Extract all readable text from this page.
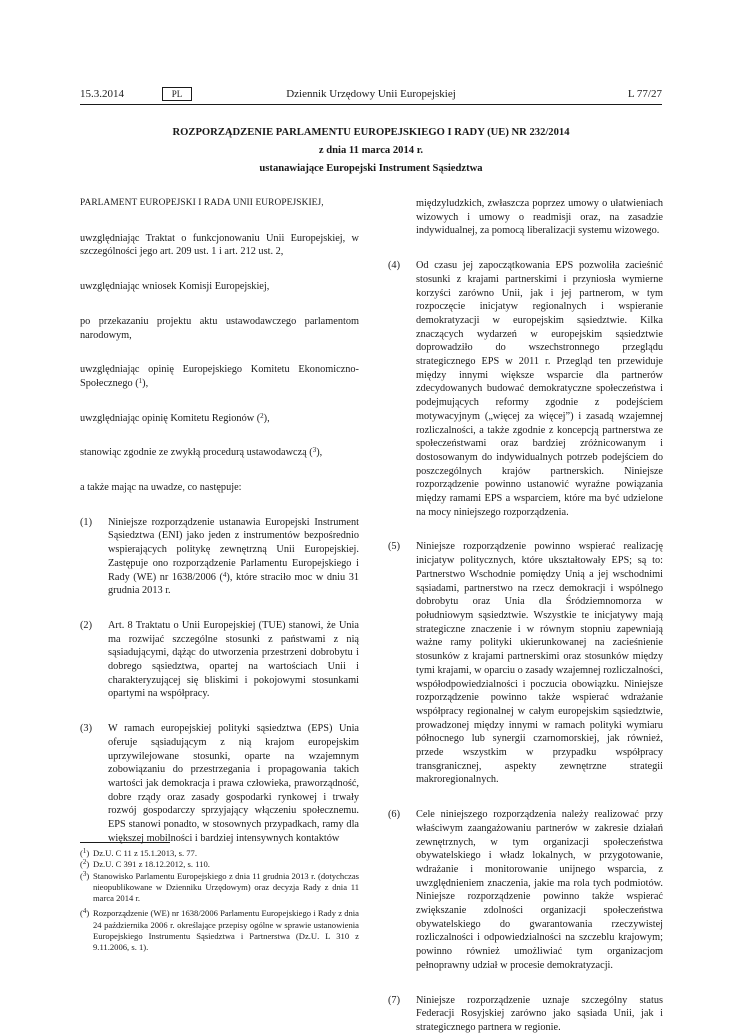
15.3.2014	Dziennik Urzędowy Unii Europejskiej
PL	L 77/27
ROZPORZĄDZENIE PARLAMENTU EUROPEJSKIEGO I RADY (UE) NR 232/2014
z dnia 11 marca 2014 r.
ustanawiające Europejski Instrument Sąsiedztwa

PARLAMENT EUROPEJSKI I RADA UNII EUROPEJSKIEJ,

uwzględniając Traktat o funkcjonowaniu Unii Europejskiej, w szczególności jego art. 209 ust. 1 i art. 212 ust. 2,

uwzględniając wniosek Komisji Europejskiej,

po przekazaniu projektu aktu ustawodawczego parlamentom narodowym,

uwzględniając opinię Europejskiego Komitetu Ekonomiczno-Społecznego ($^1$),

uwzględniając opinię Komitetu Regionów ($^2$),

stanowiąc zgodnie ze zwykłą procedurą ustawodawczą ($^3$),

a także mając na uwadze, co następuje:

(1) Niniejsze rozporządzenie ustanawia Europejski Instrument Sąsiedztwa (ENI) jako jeden z instrumentów bezpośrednio wspierających politykę zewnętrzną Unii Europejskiej. Zastępuje ono rozporządzenie Parlamentu Europejskiego i Rady (WE) nr 1638/2006 ($^4$), które straciło moc w dniu 31 grudnia 2013 r.
(2) Art. 8 Traktatu o Unii Europejskiej (TUE) stanowi, że Unia ma rozwijać szczególne stosunki z państwami z nią sąsiadującymi, dążąc do utworzenia przestrzeni dobrobytu i dobrego sąsiedztwa, opartej na wartościach Unii i charakteryzującej się bliskimi i pokojowymi stosunkami opartymi na współpracy.
(3) W ramach europejskiej polityki sąsiedztwa (EPS) Unia oferuje sąsiadującym z nią krajom europejskim uprzywilejowane stosunki, oparte na wzajemnym zobowiązaniu do przestrzegania i propagowania takich wartości jak demokracja i prawa człowieka, praworządność, dobre rządy oraz zasady gospodarki rynkowej i trwały rozwój gospodarczy sprzyjający włączeniu społecznemu. EPS stanowi ponadto, w stosownych przypadkach, ramy dla większej mobilności i bardziej intensywnych kontaktów
międzyludzkich, zwłaszcza poprzez umowy o ułatwieniach wizowych i umowy o readmisji oraz, na zasadzie indywidualnej, za pomocą liberalizacji systemu wizowego.
(4) Od czasu jej zapoczątkowania EPS pozwoliła zacieśnić stosunki z krajami partnerskimi i przyniosła wymierne korzyści zarówno Unii, jak i jej partnerom, w tym rozpoczęcie inicjatyw regionalnych i wspieranie demokratyzacji w europejskim sąsiedztwie. Kilka znaczących wydarzeń w europejskim sąsiedztwie doprowadziło do wszechstronnego przeglądu strategicznego EPS w 2011 r. Przegląd ten przewiduje między innymi większe wsparcie dla partnerów zdecydowanych budować demokratyczne społeczeństwa i podejmujących reformy zgodnie z podejściem motywacyjnym („więcej za więcej”) i zasadą wzajemnej rozliczalności, a także zgodnie z koncepcją partnerstwa ze społeczeństwami oraz bardziej zróżnicowanym i dostosowanym do indywidualnych potrzeb podejściem do poszczególnych krajów partnerskich. Niniejsze rozporządzenie powinno ustanowić wyraźne powiązania między ramami EPS a wsparciem, które ma być udzielone na mocy niniejszego rozporządzenia.
(5) Niniejsze rozporządzenie powinno wspierać realizację inicjatyw politycznych, które ukształtowały EPS; są to: Partnerstwo Wschodnie pomiędzy Unią a jej wschodnimi sąsiadami, partnerstwo na rzecz demokracji i wspólnego dobrobytu oraz Unia dla Śródziemnomorza w południowym sąsiedztwie. Wszystkie te inicjatywy mają strategiczne znaczenie i w równym stopniu zapewniają ważne ramy polityki ukierunkowanej na zacieśnienie stosunków z krajami partnerskimi oraz stosunków między tymi krajami, w oparciu o zasady wzajemnej rozliczalności, współodpowiedzialności i poczucia obowiązku. Niniejsze rozporządzenie powinno także wspierać wdrażanie współpracy regionalnej w całym europejskim sąsiedztwie, prowadzonej między innymi w ramach polityki wymiaru północnego lub synergii czarnomorskiej, jak również, przede wszystkim w przypadku współpracy transgranicznej, aspekty zewnętrzne strategii makroregionalnych.
(6) Cele niniejszego rozporządzenia należy realizować przy właściwym zaangażowaniu partnerów w zakresie działań zewnętrznych, w tym organizacji społeczeństwa obywatelskiego i władz lokalnych, w przygotowanie, wdrażanie i monitorowanie unijnego wsparcia, z uwzględnieniem znaczenia, jakie ma rola tych podmiotów. Niniejsze rozporządzenie powinno także wspierać zwiększanie zdolności organizacji społeczeństwa obywatelskiego do gwarantowania rzeczywistej rozliczalności i odpowiedzialności na szczeblu krajowym; powinno również umożliwiać tym organizacjom pełnoprawny udział w procesie demokratyzacji.
(7) Niniejsze rozporządzenie uznaje szczególny status Federacji Rosyjskiej zarówno jako sąsiada Unii, jak i strategicznego partnera w regionie.
($^1$) Dz.U. C 11 z 15.1.2013, s. 77.
($^2$) Dz.U. C 391 z 18.12.2012, s. 110.
($^3$) Stanowisko Parlamentu Europejskiego z dnia 11 grudnia 2013 r. (dotychczas nieopublikowane w Dzienniku Urzędowym) oraz decyzja Rady z dnia 11 marca 2014 r.
($^4$) Rozporządzenie (WE) nr 1638/2006 Parlamentu Europejskiego i Rady z dnia 24 października 2006 r. określające przepisy ogólne w sprawie ustanowienia Europejskiego Instrumentu Sąsiedztwa i Partnerstwa (Dz.U. L 310 z 9.11.2006, s. 1).
